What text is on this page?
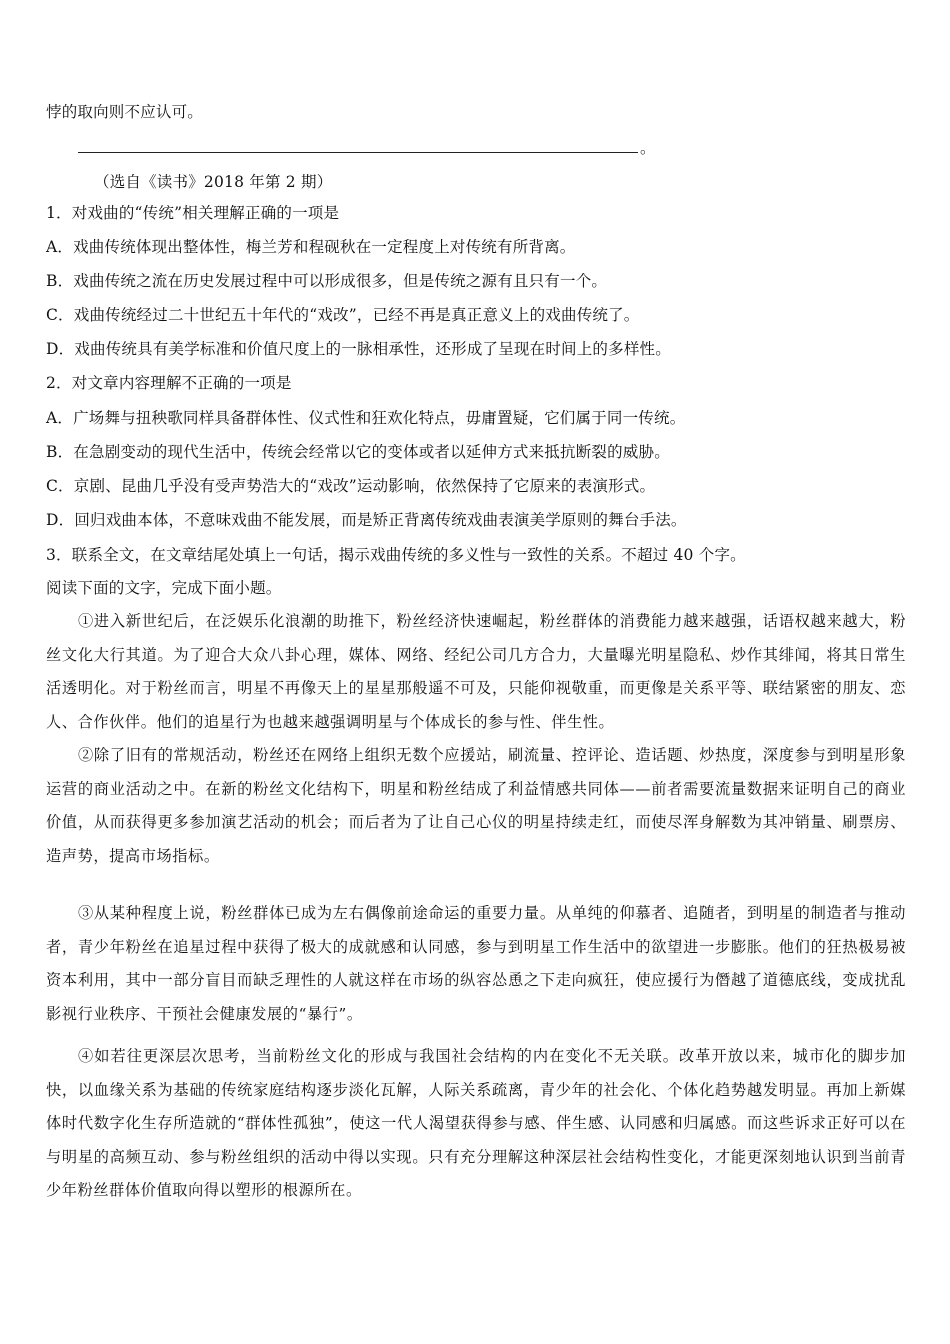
悖的取向则不应认可。
。
（选自《读书》2018 年第 2 期）
1．对戏曲的“传统”相关理解正确的一项是
A．戏曲传统体现出整体性，梅兰芳和程砚秋在一定程度上对传统有所背离。
B．戏曲传统之流在历史发展过程中可以形成很多，但是传统之源有且只有一个。
C．戏曲传统经过二十世纪五十年代的“戏改”，已经不再是真正意义上的戏曲传统了。
D．戏曲传统具有美学标准和价值尺度上的一脉相承性，还形成了呈现在时间上的多样性。
2．对文章内容理解不正确的一项是
A．广场舞与扭秧歌同样具备群体性、仪式性和狂欢化特点，毋庸置疑，它们属于同一传统。
B．在急剧变动的现代生活中，传统会经常以它的变体或者以延伸方式来抵抗断裂的威胁。
C．京剧、昆曲几乎没有受声势浩大的“戏改”运动影响，依然保持了它原来的表演形式。
D．回归戏曲本体，不意味戏曲不能发展，而是矫正背离传统戏曲表演美学原则的舞台手法。
3．联系全文，在文章结尾处填上一句话，揭示戏曲传统的多义性与一致性的关系。不超过 40 个字。
阅读下面的文字，完成下面小题。
①进入新世纪后，在泛娱乐化浪潮的助推下，粉丝经济快速崛起，粉丝群体的消费能力越来越强，话语权越来越大，粉丝文化大行其道。为了迎合大众八卦心理，媒体、网络、经纪公司几方合力，大量曝光明星隐私、炒作其绯闻，将其日常生活透明化。对于粉丝而言，明星不再像天上的星星那般遥不可及，只能仰视敬重，而更像是关系平等、联结紧密的朋友、恋人、合作伙伴。他们的追星行为也越来越强调明星与个体成长的参与性、伴生性。
②除了旧有的常规活动，粉丝还在网络上组织无数个应援站，刷流量、控评论、造话题、炒热度，深度参与到明星形象运营的商业活动之中。在新的粉丝文化结构下，明星和粉丝结成了利益情感共同体——前者需要流量数据来证明自己的商业价值，从而获得更多参加演艺活动的机会；而后者为了让自己心仪的明星持续走红，而使尽浑身解数为其冲销量、刷票房、造声势，提高市场指标。
③从某种程度上说，粉丝群体已成为左右偶像前途命运的重要力量。从单纯的仰慕者、追随者，到明星的制造者与推动者，青少年粉丝在追星过程中获得了极大的成就感和认同感，参与到明星工作生活中的欲望进一步膨胀。他们的狂热极易被资本利用，其中一部分盲目而缺乏理性的人就这样在市场的纵容怂恿之下走向疯狂，使应援行为僭越了道德底线，变成扰乱影视行业秩序、干预社会健康发展的“暴行”。
④如若往更深层次思考，当前粉丝文化的形成与我国社会结构的内在变化不无关联。改革开放以来，城市化的脚步加快，以血缘关系为基础的传统家庭结构逐步淡化瓦解，人际关系疏离，青少年的社会化、个体化趋势越发明显。再加上新媒体时代数字化生存所造就的“群体性孤独”，使这一代人渴望获得参与感、伴生感、认同感和归属感。而这些诉求正好可以在与明星的高频互动、参与粉丝组织的活动中得以实现。只有充分理解这种深层社会结构性变化，才能更深刻地认识到当前青少年粉丝群体价值取向得以塑形的根源所在。
